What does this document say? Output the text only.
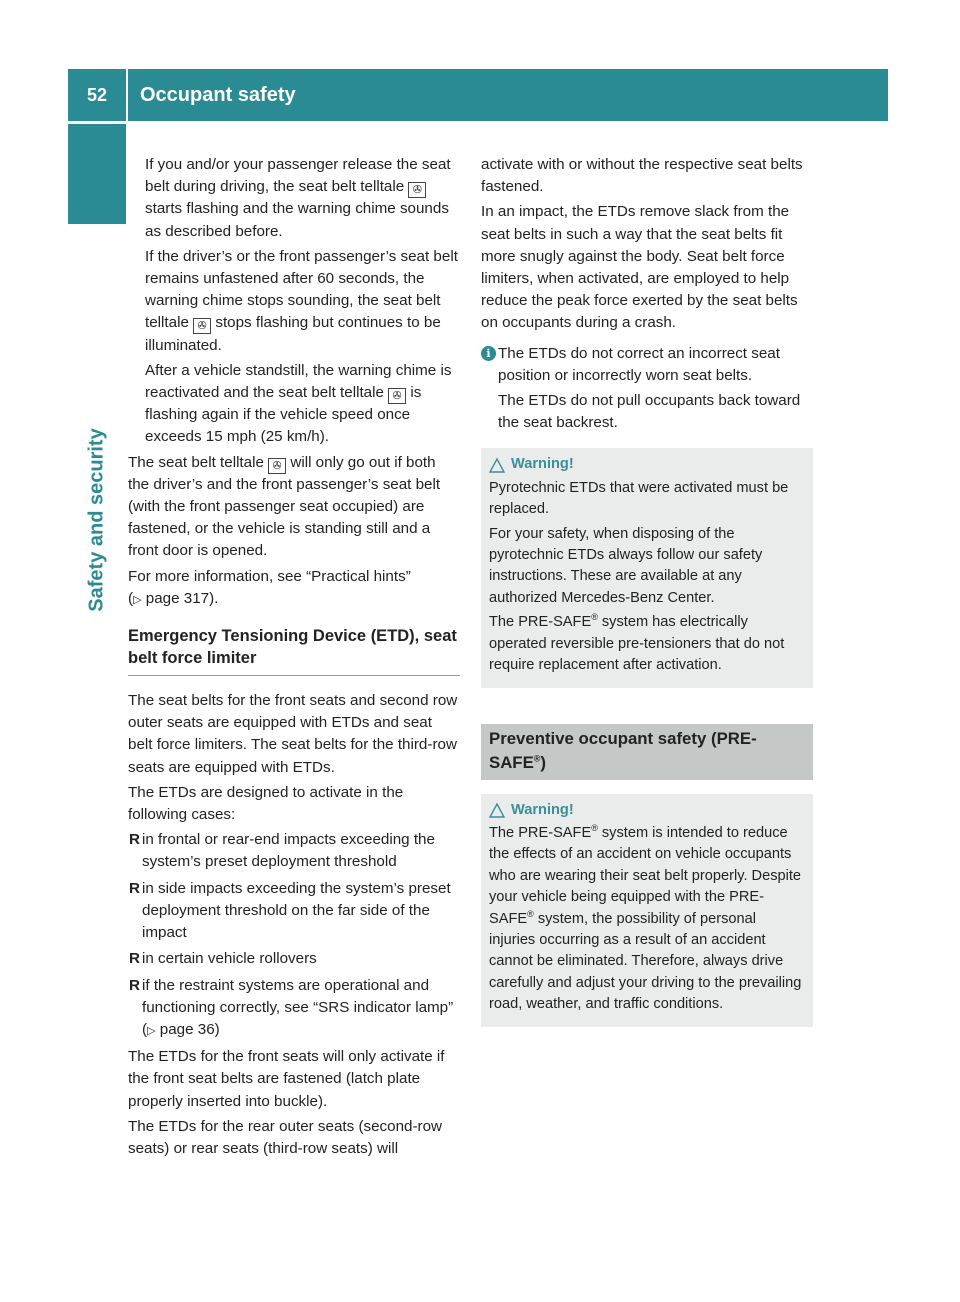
52	Occupant safety
Safety and security

If you and/or your passenger release the seat belt during driving, the seat belt telltale ✇ starts flashing and the warning chime sounds as described before.

If the driver’s or the front passenger’s seat belt remains unfastened after 60 seconds, the warning chime stops sounding, the seat belt telltale ✇ stops flashing but continues to be illuminated.

After a vehicle standstill, the warning chime is reactivated and the seat belt telltale ✇ is flashing again if the vehicle speed once exceeds 15 mph (25 km/h).

The seat belt telltale ✇ will only go out if both the driver’s and the front passenger’s seat belt (with the front passenger seat occupied) are fastened, or the vehicle is standing still and a front door is opened.

For more information, see “Practical hints”
(▷ page 317).

Emergency Tensioning Device (ETD), seat belt force limiter

The seat belts for the front seats and second row outer seats are equipped with ETDs and seat belt force limiters. The seat belts for the third-row seats are equipped with ETDs.

The ETDs are designed to activate in the following cases:

R in frontal or rear-end impacts exceeding the system’s preset deployment threshold
R in side impacts exceeding the system’s preset deployment threshold on the far side of the impact
R in certain vehicle rollovers
R if the restraint systems are operational and functioning correctly, see “SRS indicator lamp” (▷ page 36)

The ETDs for the front seats will only activate if the front seat belts are fastened (latch plate properly inserted into buckle).

The ETDs for the rear outer seats (second-row seats) or rear seats (third-row seats) will

activate with or without the respective seat belts fastened.

In an impact, the ETDs remove slack from the seat belts in such a way that the seat belts fit more snugly against the body. Seat belt force limiters, when activated, are employed to help reduce the peak force exerted by the seat belts on occupants during a crash.

i The ETDs do not correct an incorrect seat position or incorrectly worn seat belts.

The ETDs do not pull occupants back toward the seat backrest.

Warning!

Pyrotechnic ETDs that were activated must be replaced.

For your safety, when disposing of the pyrotechnic ETDs always follow our safety instructions. These are available at any authorized Mercedes-Benz Center.

The PRE-SAFE® system has electrically operated reversible pre-tensioners that do not require replacement after activation.

Preventive occupant safety (PRE-SAFE®)
Warning!

The PRE-SAFE® system is intended to reduce the effects of an accident on vehicle occupants who are wearing their seat belt properly. Despite your vehicle being equipped with the PRE-SAFE® system, the possibility of personal injuries occurring as a result of an accident cannot be eliminated. Therefore, always drive carefully and adjust your driving to the prevailing road, weather, and traffic conditions.
